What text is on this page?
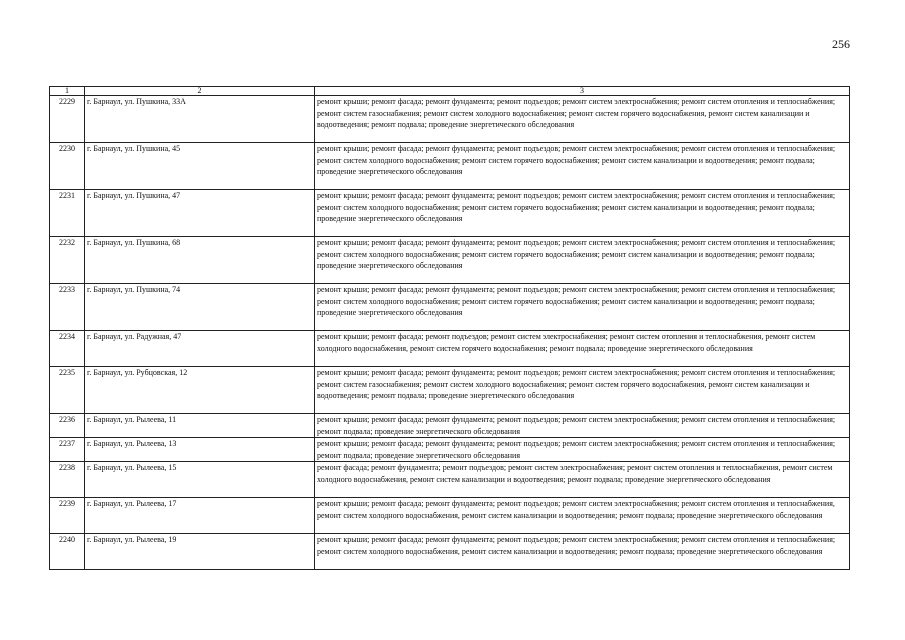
256
1	2	3
2229	г. Барнаул, ул. Пушкина, 33А	ремонт крыши; ремонт фасада; ремонт фундамента; ремонт подъездов; ремонт систем электроснабжения; ремонт систем отопления и теплоснабжения; ремонт систем газоснабжения; ремонт систем холодного водоснабжения; ремонт систем горячего водоснабжения, ремонт систем канализации и водоотведения; ремонт подвала; проведение энергетического обследования
2230	г. Барнаул, ул. Пушкина, 45	ремонт крыши; ремонт фасада; ремонт фундамента; ремонт подъездов; ремонт систем электроснабжения; ремонт систем отопления и теплоснабжения; ремонт систем холодного водоснабжения; ремонт систем горячего водоснабжения; ремонт систем канализации и водоотведения; ремонт подвала; проведение энергетического обследования
2231	г. Барнаул, ул. Пушкина, 47	ремонт крыши; ремонт фасада; ремонт фундамента; ремонт подъездов; ремонт систем электроснабжения; ремонт систем отопления и теплоснабжения; ремонт систем холодного водоснабжения; ремонт систем горячего водоснабжения; ремонт систем канализации и водоотведения; ремонт подвала; проведение энергетического обследования
2232	г. Барнаул, ул. Пушкина, 68	ремонт крыши; ремонт фасада; ремонт фундамента; ремонт подъездов; ремонт систем электроснабжения; ремонт систем отопления и теплоснабжения; ремонт систем холодного водоснабжения; ремонт систем горячего водоснабжения; ремонт систем канализации и водоотведения; ремонт подвала; проведение энергетического обследования
2233	г. Барнаул, ул. Пушкина, 74	ремонт крыши; ремонт фасада; ремонт фундамента; ремонт подъездов; ремонт систем электроснабжения; ремонт систем отопления и теплоснабжения; ремонт систем холодного водоснабжения; ремонт систем горячего водоснабжения; ремонт систем канализации и водоотведения; ремонт подвала; проведение энергетического обследования
2234	г. Барнаул, ул. Радужная, 47	ремонт крыши; ремонт фасада; ремонт подъездов; ремонт систем электроснабжения; ремонт систем отопления и теплоснабжения, ремонт систем холодного водоснабжения, ремонт систем горячего водоснабжения; ремонт подвала; проведение энергетического обследования
2235	г. Барнаул, ул. Рубцовская, 12	ремонт крыши; ремонт фасада; ремонт фундамента; ремонт подъездов; ремонт систем электроснабжения; ремонт систем отопления и теплоснабжения; ремонт систем газоснабжения; ремонт систем холодного водоснабжения; ремонт систем горячего водоснабжения, ремонт систем канализации и водоотведения; ремонт подвала; проведение энергетического обследования
2236	г. Барнаул, ул. Рылеева, 11	ремонт крыши; ремонт фасада; ремонт фундамента; ремонт подъездов; ремонт систем электроснабжения; ремонт систем отопления и теплоснабжения; ремонт подвала; проведение энергетического обследования
2237	г. Барнаул, ул. Рылеева, 13	ремонт крыши; ремонт фасада; ремонт фундамента; ремонт подъездов; ремонт систем электроснабжения; ремонт систем отопления и теплоснабжения; ремонт подвала; проведение энергетического обследования
2238	г. Барнаул, ул. Рылеева, 15	ремонт фасада; ремонт фундамента; ремонт подъездов; ремонт систем электроснабжения; ремонт систем отопления и теплоснабжения, ремонт систем холодного водоснабжения, ремонт систем канализации и водоотведения; ремонт подвала; проведение энергетического обследования
2239	г. Барнаул, ул. Рылеева, 17	ремонт крыши; ремонт фасада; ремонт фундамента; ремонт подъездов; ремонт систем электроснабжения; ремонт систем отопления и теплоснабжения, ремонт систем холодного водоснабжения, ремонт систем канализации и водоотведения; ремонт подвала; проведение энергетического обследования
2240	г. Барнаул, ул. Рылеева, 19	ремонт крыши; ремонт фасада; ремонт фундамента; ремонт подъездов; ремонт систем электроснабжения; ремонт систем отопления и теплоснабжения; ремонт систем холодного водоснабжения, ремонт систем канализации и водоотведения; ремонт подвала; проведение энергетического обследования
